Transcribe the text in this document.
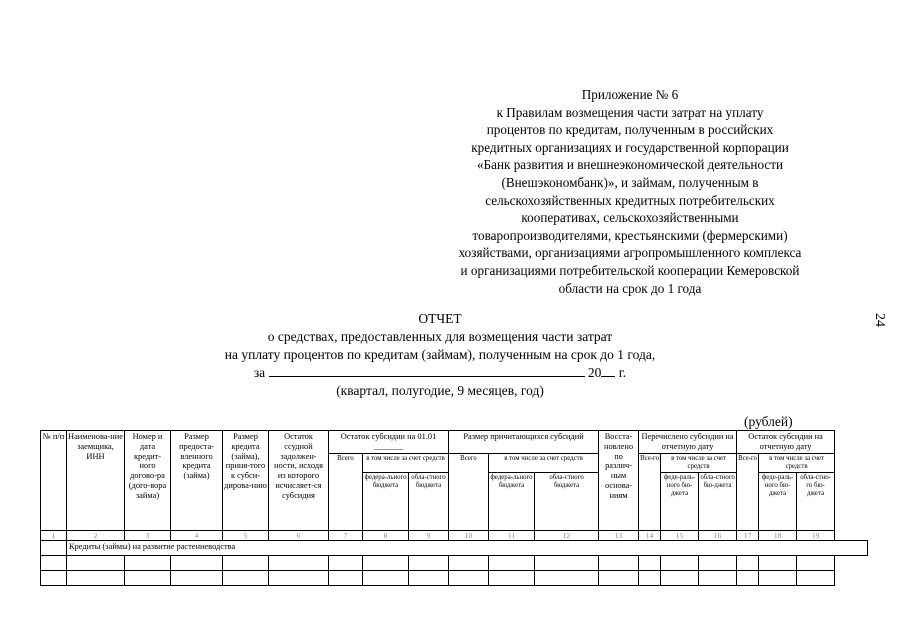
Приложение № 6
к Правилам возмещения части затрат на уплату
процентов по кредитам, полученным в российских
кредитных организациях и государственной корпорации
«Банк развития и внешнеэкономической деятельности
(Внешэкономбанк)», и займам, полученным в
сельскохозяйственных кредитных потребительских
кооперативах, сельскохозяйственными
товаропроизводителями, крестьянскими (фермерскими)
хозяйствами, организациями агропромышленного комплекса
и организациями потребительской кооперации Кемеровской
области на срок до 1 года
24
ОТЧЕТ
о средствах, предоставленных для возмещения части затрат
на уплату процентов по кредитам (займам), полученным на срок до 1 года,
за	20 г.
(квартал, полугодие, 9 месяцев, год)
(рублей)
№ п/п	Наименова-ние заемщика, ИНН	Номер и дата кредит-ного догово-ра (дого-вора займа)	Размер предоста-вленного кредита (займа)	Размер кредита (займа), приня-того к субси-дирова-нию	Остаток ссудной задолжен-ности, исходя из которого исчисляет-ся субсидия	Остаток субсидии на 01.01 _______			Размер причитающихся субсидий			Восста-новлено по различ-ным основа-ниям	Перечислено субсидии на отчетную дату			Остаток субсидии на отчетную дату		
						Всего	в том числе за счет средств		Всего	в том числе за счет средств			Все-го	в том числе за счет средств		Все-го	в том числе за счет средств	
							федера-льного бюджета	обла-стного бюджета		федера-льного бюджета	обла-стного бюджета			феде-раль-ного бю-джета	обла-стного бю-джета		феде-раль-ного бю-джета	обла-стно-го бю-джета
1	2	3	4	5	6	7	8	9	10	11	12	13	14	15	16	17	18	19
	Кредиты (займы) на развитие растениеводства																	
